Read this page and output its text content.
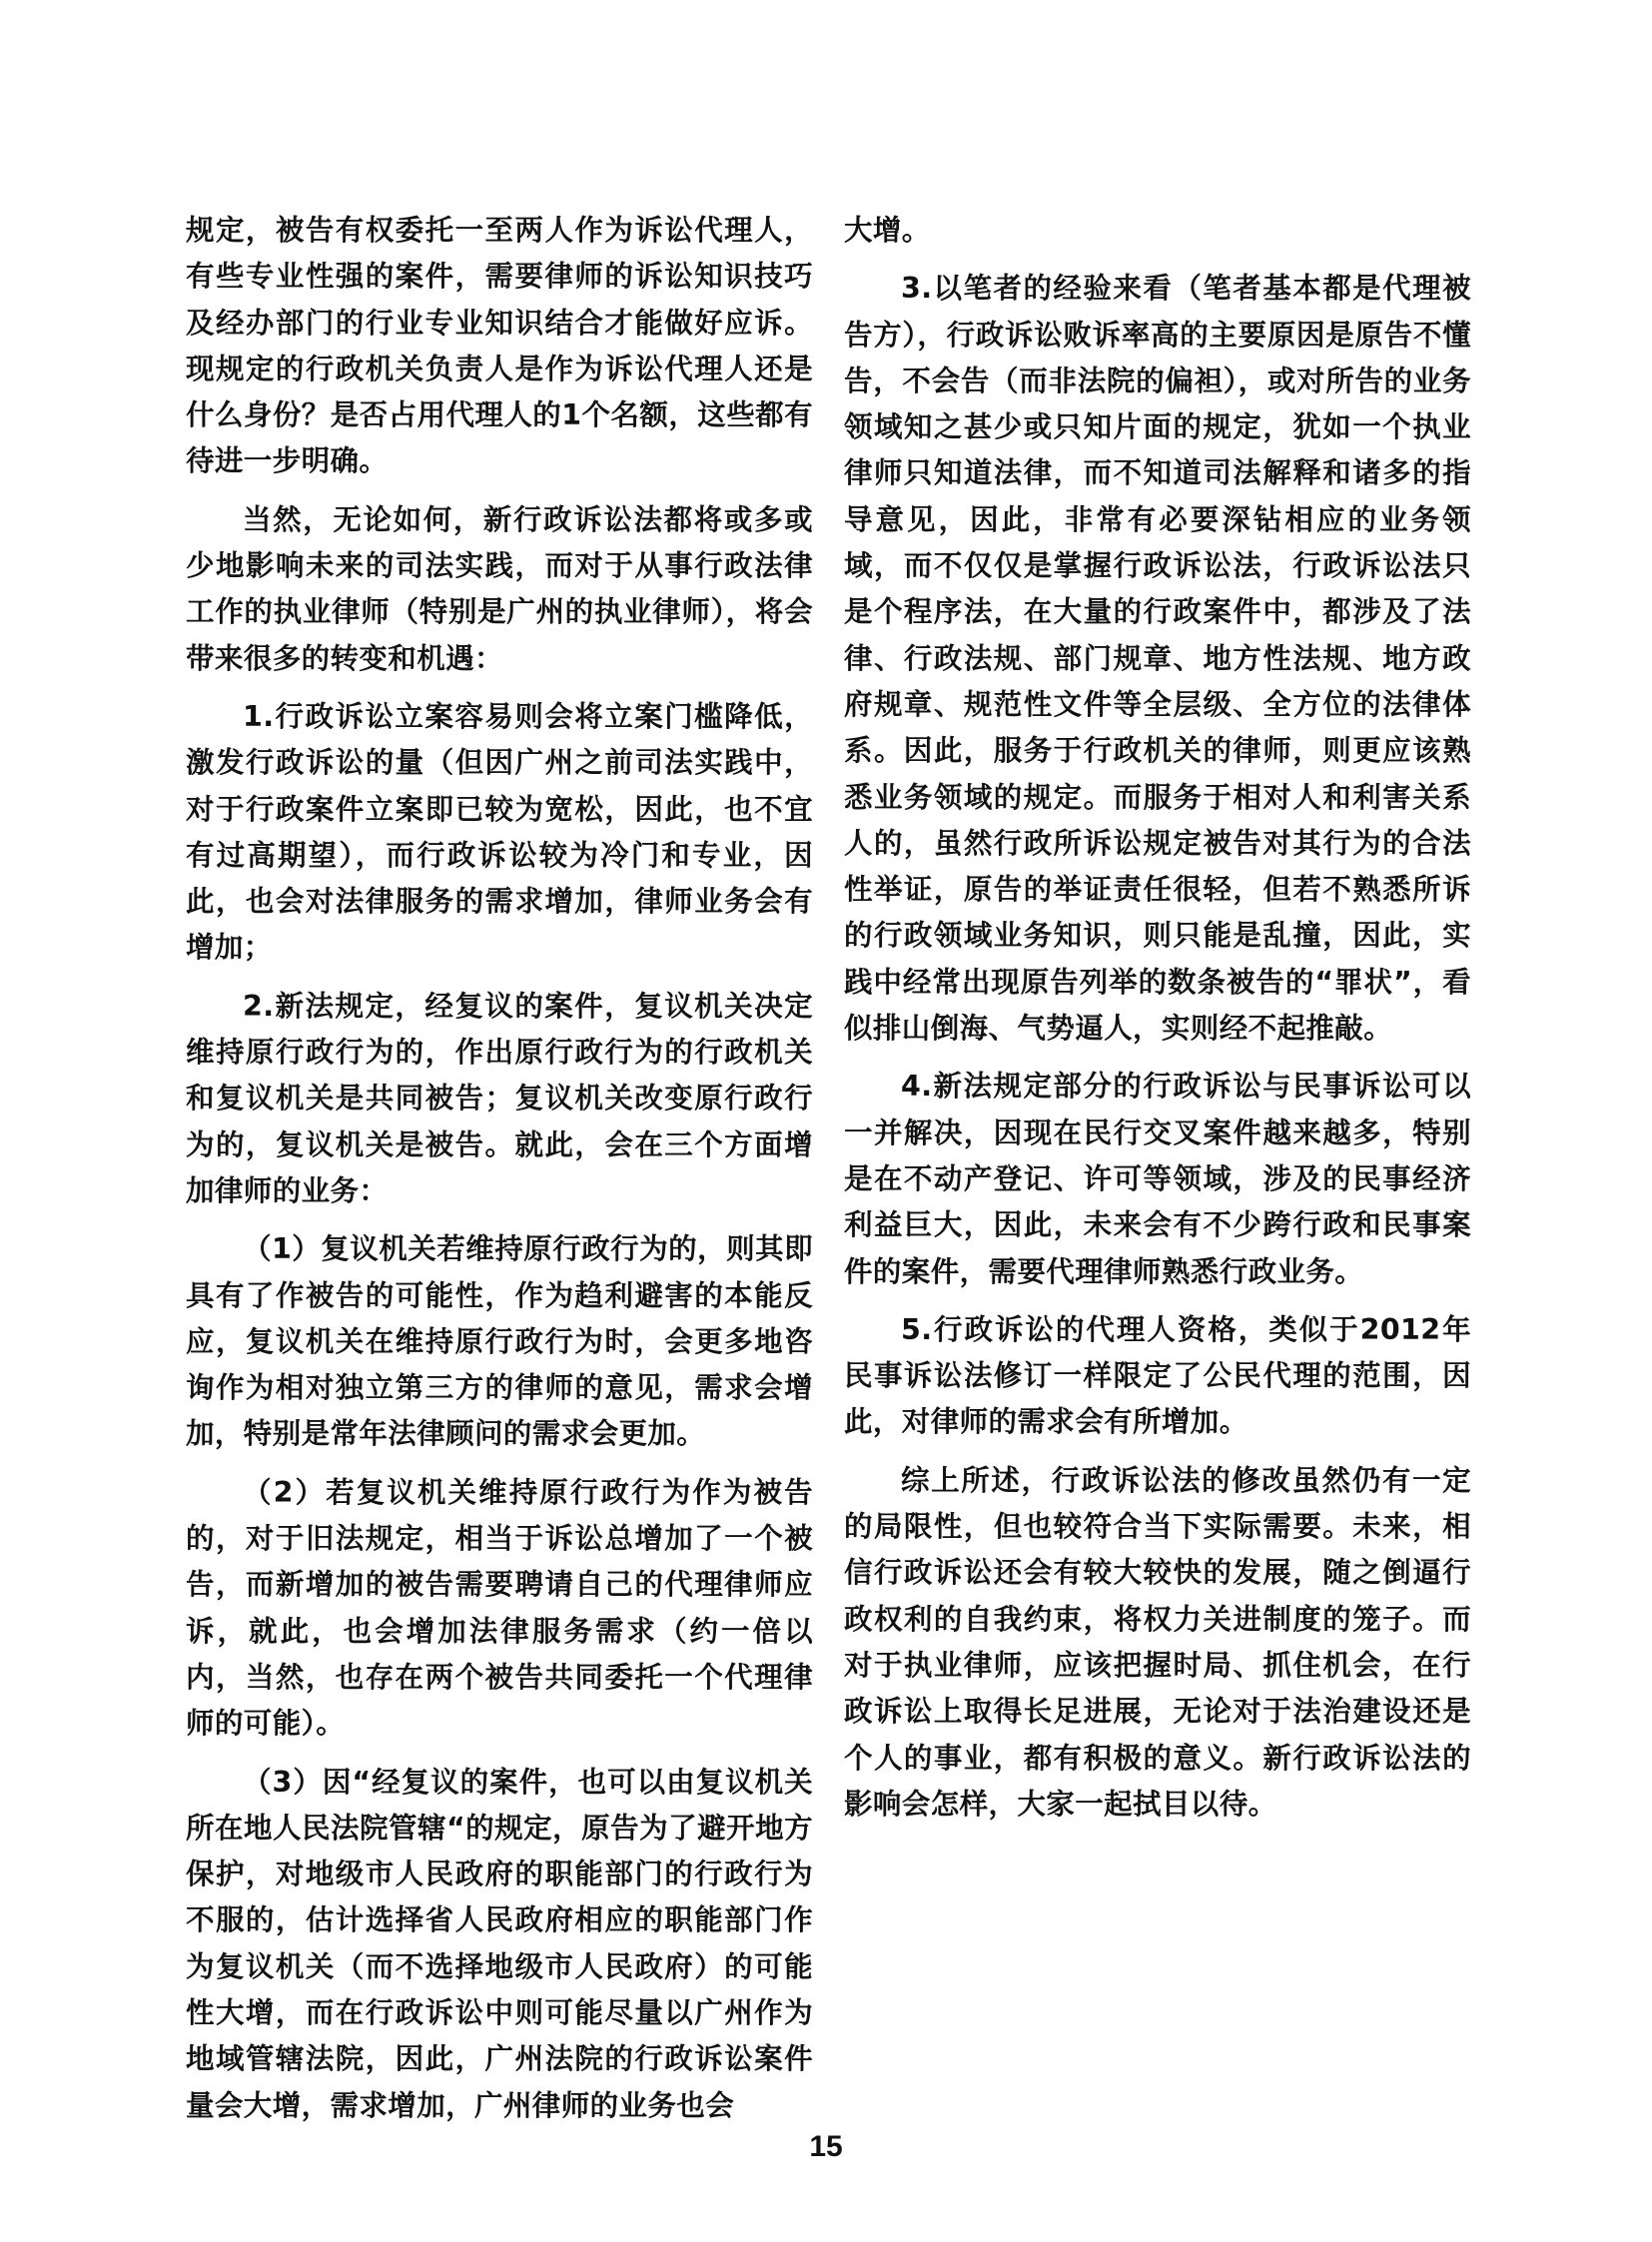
规定，被告有权委托一至两人作为诉讼代理人，有些专业性强的案件，需要律师的诉讼知识技巧及经办部门的行业专业知识结合才能做好应诉。现规定的行政机关负责人是作为诉讼代理人还是什么身份？是否占用代理人的1个名额，这些都有待进一步明确。

当然，无论如何，新行政诉讼法都将或多或少地影响未来的司法实践，而对于从事行政法律工作的执业律师（特别是广州的执业律师），将会带来很多的转变和机遇：

1.行政诉讼立案容易则会将立案门槛降低，激发行政诉讼的量（但因广州之前司法实践中，对于行政案件立案即已较为宽松，因此，也不宜有过高期望），而行政诉讼较为冷门和专业，因此，也会对法律服务的需求增加，律师业务会有增加；

2.新法规定，经复议的案件，复议机关决定维持原行政行为的，作出原行政行为的行政机关和复议机关是共同被告；复议机关改变原行政行为的，复议机关是被告。就此，会在三个方面增加律师的业务：

（1）复议机关若维持原行政行为的，则其即具有了作被告的可能性，作为趋利避害的本能反应，复议机关在维持原行政行为时，会更多地咨询作为相对独立第三方的律师的意见，需求会增加，特别是常年法律顾问的需求会更加。

（2）若复议机关维持原行政行为作为被告的，对于旧法规定，相当于诉讼总增加了一个被告，而新增加的被告需要聘请自己的代理律师应诉，就此，也会增加法律服务需求（约一倍以内，当然，也存在两个被告共同委托一个代理律师的可能）。

（3）因“经复议的案件，也可以由复议机关所在地人民法院管辖“的规定，原告为了避开地方保护，对地级市人民政府的职能部门的行政行为不服的，估计选择省人民政府相应的职能部门作为复议机关（而不选择地级市人民政府）的可能性大增，而在行政诉讼中则可能尽量以广州作为地域管辖法院，因此，广州法院的行政诉讼案件量会大增，需求增加，广州律师的业务也会

大增。

3.以笔者的经验来看（笔者基本都是代理被告方），行政诉讼败诉率高的主要原因是原告不懂告，不会告（而非法院的偏袒），或对所告的业务领域知之甚少或只知片面的规定，犹如一个执业律师只知道法律，而不知道司法解释和诸多的指导意见，因此，非常有必要深钻相应的业务领域，而不仅仅是掌握行政诉讼法，行政诉讼法只是个程序法，在大量的行政案件中，都涉及了法律、行政法规、部门规章、地方性法规、地方政府规章、规范性文件等全层级、全方位的法律体系。因此，服务于行政机关的律师，则更应该熟悉业务领域的规定。而服务于相对人和利害关系人的，虽然行政所诉讼规定被告对其行为的合法性举证，原告的举证责任很轻，但若不熟悉所诉的行政领域业务知识，则只能是乱撞，因此，实践中经常出现原告列举的数条被告的“罪状”，看似排山倒海、气势逼人，实则经不起推敲。

4.新法规定部分的行政诉讼与民事诉讼可以一并解决，因现在民行交叉案件越来越多，特别是在不动产登记、许可等领域，涉及的民事经济利益巨大，因此，未来会有不少跨行政和民事案件的案件，需要代理律师熟悉行政业务。

5.行政诉讼的代理人资格，类似于2012年民事诉讼法修订一样限定了公民代理的范围，因此，对律师的需求会有所增加。

综上所述，行政诉讼法的修改虽然仍有一定的局限性，但也较符合当下实际需要。未来，相信行政诉讼还会有较大较快的发展，随之倒逼行政权利的自我约束，将权力关进制度的笼子。而对于执业律师，应该把握时局、抓住机会，在行政诉讼上取得长足进展，无论对于法治建设还是个人的事业，都有积极的意义。新行政诉讼法的影响会怎样，大家一起拭目以待。

15
